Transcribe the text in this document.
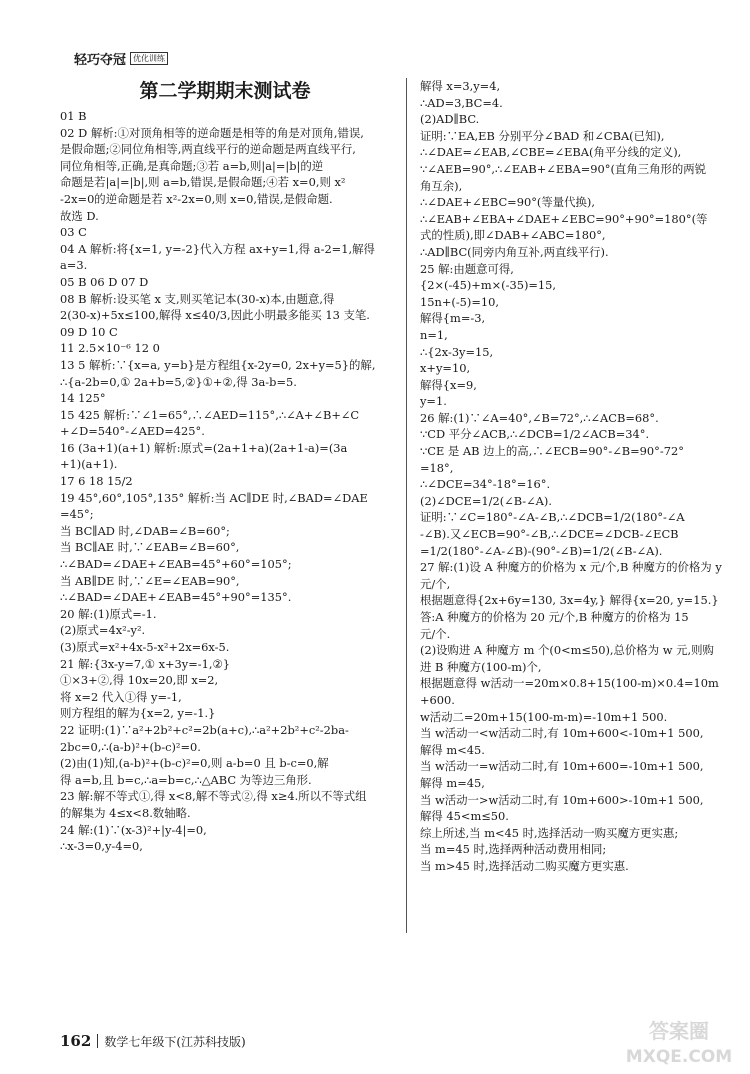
轻巧夺冠 优化训练

第二学期期末测试卷

01 B

02 D 解析:①对顶角相等的逆命题是相等的角是对顶角,错误,

是假命题;②同位角相等,两直线平行的逆命题是两直线平行,

同位角相等,正确,是真命题;③若 a=b,则|a|=|b|的逆

命题是若|a|=|b|,则 a=b,错误,是假命题;④若 x=0,则 x²

-2x=0的逆命题是若 x²-2x=0,则 x=0,错误,是假命题.

故选 D.

03 C

04 A 解析:将{x=1, y=-2}代入方程 ax+y=1,得 a-2=1,解得

a=3.

05 B 06 D 07 D

08 B 解析:设买笔 x 支,则买笔记本(30-x)本,由题意,得

2(30-x)+5x≤100,解得 x≤40/3,因此小明最多能买 13 支笔.

09 D 10 C

11 2.5×10⁻⁶ 12 0

13 5 解析:∵{x=a, y=b}是方程组{x-2y=0, 2x+y=5}的解,

∴{a-2b=0,① 2a+b=5,②}①+②,得 3a-b=5.

14 125°

15 425 解析:∵∠1=65°,∴∠AED=115°,∴∠A+∠B+∠C

+∠D=540°-∠AED=425°.

16 (3a+1)(a+1) 解析:原式=(2a+1+a)(2a+1-a)=(3a

+1)(a+1).

17 6 18 15/2

19 45°,60°,105°,135° 解析:当 AC∥DE 时,∠BAD=∠DAE

=45°;

当 BC∥AD 时,∠DAB=∠B=60°;

当 BC∥AE 时,∵∠EAB=∠B=60°,

∴∠BAD=∠DAE+∠EAB=45°+60°=105°;

当 AB∥DE 时,∵∠E=∠EAB=90°,

∴∠BAD=∠DAE+∠EAB=45°+90°=135°.

20 解:(1)原式=-1.

(2)原式=4x²-y².

(3)原式=x²+4x-5-x²+2x=6x-5.

21 解:{3x-y=7,① x+3y=-1,②}

①×3+②,得 10x=20,即 x=2,

将 x=2 代入①得 y=-1,

则方程组的解为{x=2, y=-1.}

22 证明:(1)∵a²+2b²+c²=2b(a+c),∴a²+2b²+c²-2ba-

2bc=0,∴(a-b)²+(b-c)²=0.

(2)由(1)知,(a-b)²+(b-c)²=0,则 a-b=0 且 b-c=0,解

得 a=b,且 b=c,∴a=b=c,∴△ABC 为等边三角形.

23 解:解不等式①,得 x<8,解不等式②,得 x≥4.所以不等式组

的解集为 4≤x<8.数轴略.

24 解:(1)∵(x-3)²+|y-4|=0,

∴x-3=0,y-4=0,

解得 x=3,y=4,

∴AD=3,BC=4.

(2)AD∥BC.

证明:∵EA,EB 分别平分∠BAD 和∠CBA(已知),

∴∠DAE=∠EAB,∠CBE=∠EBA(角平分线的定义),

∵∠AEB=90°,∴∠EAB+∠EBA=90°(直角三角形的两锐

角互余),

∴∠DAE+∠EBC=90°(等量代换),

∴∠EAB+∠EBA+∠DAE+∠EBC=90°+90°=180°(等

式的性质),即∠DAB+∠ABC=180°,

∴AD∥BC(同旁内角互补,两直线平行).

25 解:由题意可得,

{2×(-45)+m×(-35)=15,

15n+(-5)=10,

解得{m=-3,

n=1,

∴{2x-3y=15,

x+y=10,

解得{x=9,

y=1.

26 解:(1)∵∠A=40°,∠B=72°,∴∠ACB=68°.

∵CD 平分∠ACB,∴∠DCB=1/2∠ACB=34°.

∵CE 是 AB 边上的高,∴∠ECB=90°-∠B=90°-72°

=18°,

∴∠DCE=34°-18°=16°.

(2)∠DCE=1/2(∠B-∠A).

证明:∵∠C=180°-∠A-∠B,∴∠DCB=1/2(180°-∠A

-∠B).又∠ECB=90°-∠B,∴∠DCE=∠DCB-∠ECB

=1/2(180°-∠A-∠B)-(90°-∠B)=1/2(∠B-∠A).

27 解:(1)设 A 种魔方的价格为 x 元/个,B 种魔方的价格为 y

元/个,

根据题意得{2x+6y=130, 3x=4y,} 解得{x=20, y=15.}

答:A 种魔方的价格为 20 元/个,B 种魔方的价格为 15

元/个.

(2)设购进 A 种魔方 m 个(0<m≤50),总价格为 w 元,则购

进 B 种魔方(100-m)个,

根据题意得 w活动一=20m×0.8+15(100-m)×0.4=10m

+600.

w活动二=20m+15(100-m-m)=-10m+1 500.

当 w活动一<w活动二时,有 10m+600<-10m+1 500,

解得 m<45.

当 w活动一=w活动二时,有 10m+600=-10m+1 500,

解得 m=45,

当 w活动一>w活动二时,有 10m+600>-10m+1 500,

解得 45<m≤50.

综上所述,当 m<45 时,选择活动一购买魔方更实惠;

当 m=45 时,选择两种活动费用相同;

当 m>45 时,选择活动二购买魔方更实惠.

162 数学七年级下(江苏科技版)	答案圈
MXQE.COM
